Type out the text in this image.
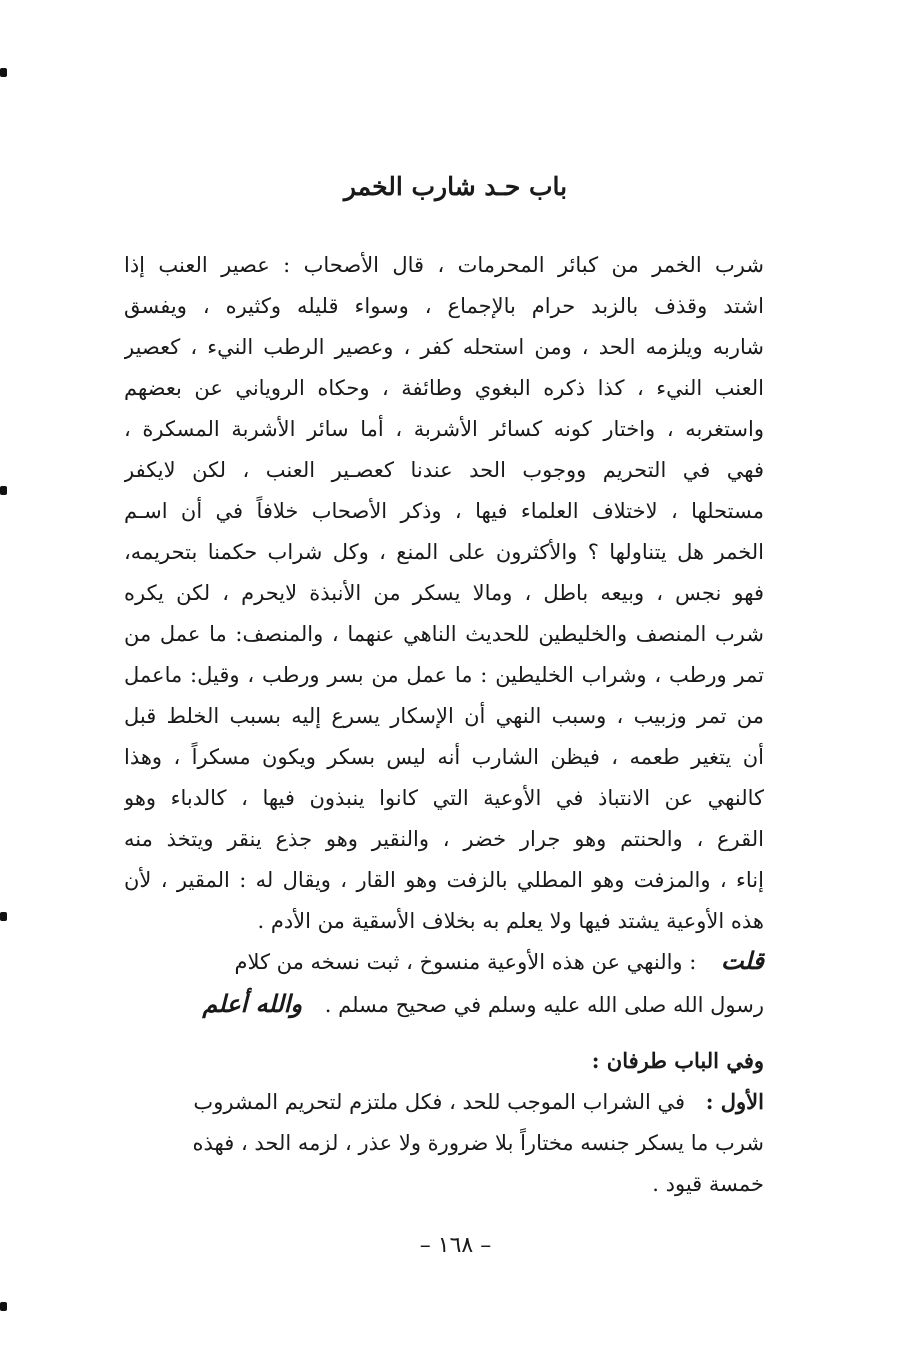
باب حـد شارب الخمر
شرب الخمر من كبائر المحرمات ، قال الأصحاب : عصير العنب إذا
اشتد وقذف بالزبد حرام بالإجماع ، وسواء قليله وكثيره ، ويفسق
شاربه ويلزمه الحد ، ومن استحله كفر ، وعصير الرطب النيء ، كعصير
العنب النيء ، كذا ذكره البغوي وطائفة ، وحكاه الروياني عن بعضهم
واستغربه ، واختار كونه كسائر الأشربة ، أما سائر الأشربة المسكرة ،
فهي في التحريم ووجوب الحد عندنا كعصـير العنب ، لكن لايكفر
مستحلها ، لاختلاف العلماء فيها ، وذكر الأصحاب خلافاً في أن اسـم
الخمر هل يتناولها ؟ والأكثرون على المنع ، وكل شراب حكمنا بتحريمه،
فهو نجس ، وبيعه باطل ، ومالا يسكر من الأنبذة لايحرم ، لكن يكره
شرب المنصف والخليطين للحديث الناهي عنهما ، والمنصف: ما عمل من
تمر ورطب ، وشراب الخليطين : ما عمل من بسر ورطب ، وقيل: ماعمل
من تمر وزبيب ، وسبب النهي أن الإسكار يسرع إليه بسبب الخلط قبل
أن يتغير طعمه ، فيظن الشارب أنه ليس بسكر ويكون مسكراً ، وهذا
كالنهي عن الانتباذ في الأوعية التي كانوا ينبذون فيها ، كالدباء وهو
القرع ، والحنتم وهو جرار خضر ، والنقير وهو جذع ينقر ويتخذ منه
إناء ، والمزفت وهو المطلي بالزفت وهو القار ، ويقال له : المقير ، لأن
هذه الأوعية يشتد فيها ولا يعلم به بخلاف الأسقية من الأدم .
قلت : والنهي عن هذه الأوعية منسوخ ، ثبت نسخه من كلام
رسول الله صلى الله عليه وسلم في صحيح مسلم . والله أعلم
وفي الباب طرفان :
الأول : في الشراب الموجب للحد ، فكل ملتزم لتحريم المشروب
شرب ما يسكر جنسه مختاراً بلا ضرورة ولا عذر ، لزمه الحد ، فهذه
خمسة قيود .
– ١٦٨ –
